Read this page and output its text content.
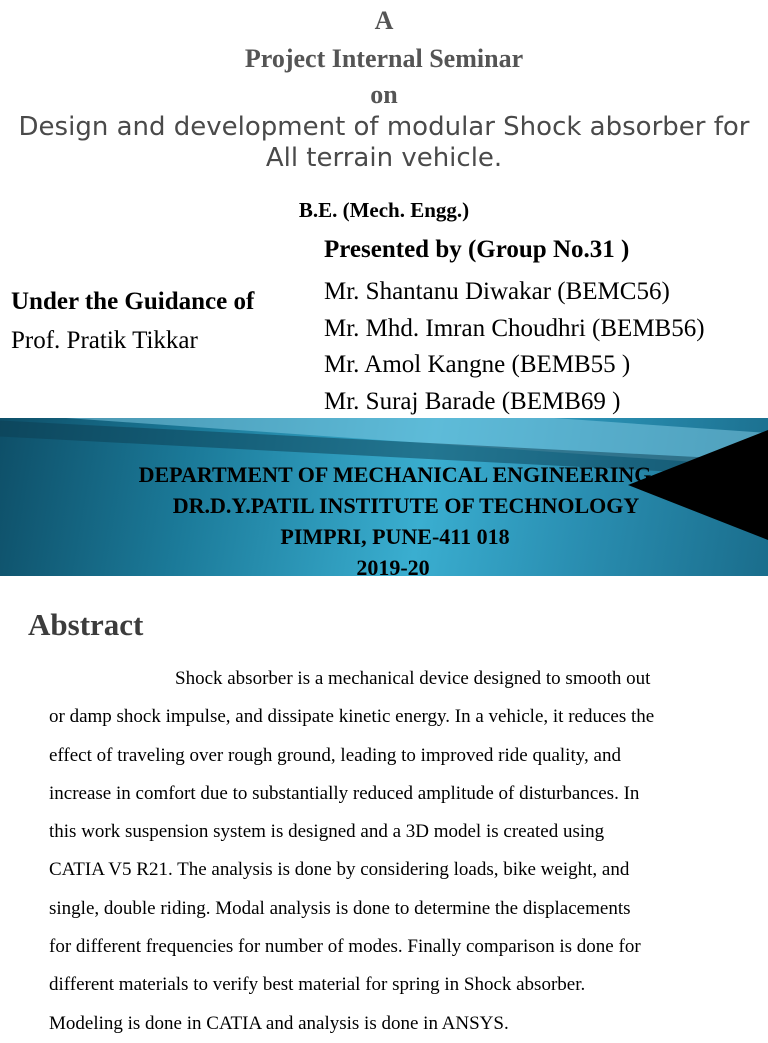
A
Project Internal Seminar
on
Design and development of modular Shock absorber for
All terrain vehicle.
B.E. (Mech. Engg.)
Presented by (Group No.31 )
Mr. Shantanu Diwakar (BEMC56)
Mr. Mhd. Imran Choudhri (BEMB56)
Mr. Amol Kangne (BEMB55 )
Mr. Suraj Barade (BEMB69 )
Under the Guidance of
Prof. Pratik Tikkar
DEPARTMENT OF MECHANICAL ENGINEERING
DR.D.Y.PATIL INSTITUTE OF TECHNOLOGY
PIMPRI, PUNE-411 018
2019-20
Abstract
Shock absorber is a mechanical device designed to smooth out
or damp shock impulse, and dissipate kinetic energy. In a vehicle, it reduces the
effect of traveling over rough ground, leading to improved ride quality, and
increase in comfort due to substantially reduced amplitude of disturbances. In
this work suspension system is designed and a 3D model is created using
CATIA V5 R21. The analysis is done by considering loads, bike weight, and
single, double riding. Modal analysis is done to determine the displacements
for different frequencies for number of modes. Finally comparison is done for
different materials to verify best material for spring in Shock absorber.
Modeling is done in CATIA and analysis is done in ANSYS.
